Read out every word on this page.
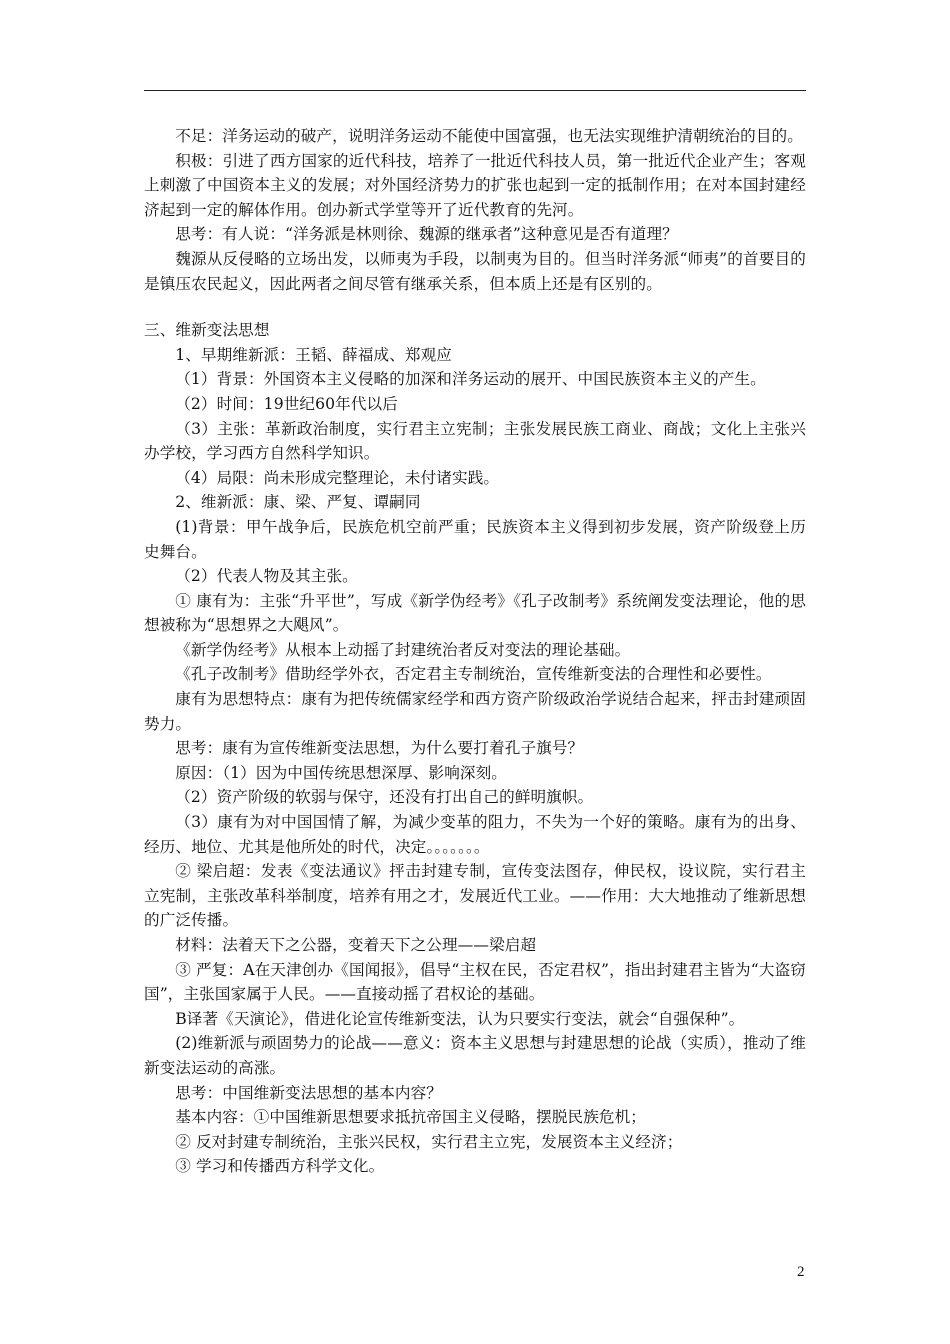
不足：洋务运动的破产，说明洋务运动不能使中国富强，也无法实现维护清朝统治的目的。

积极：引进了西方国家的近代科技，培养了一批近代科技人员，第一批近代企业产生；客观上刺激了中国资本主义的发展；对外国经济势力的扩张也起到一定的抵制作用；在对本国封建经济起到一定的解体作用。创办新式学堂等开了近代教育的先河。

思考：有人说：“洋务派是林则徐、魏源的继承者”这种意见是否有道理？

魏源从反侵略的立场出发，以师夷为手段，以制夷为目的。但当时洋务派“师夷”的首要目的是镇压农民起义，因此两者之间尽管有继承关系，但本质上还是有区别的。

三、维新变法思想

1、早期维新派：王韬、薛福成、郑观应

（1）背景：外国资本主义侵略的加深和洋务运动的展开、中国民族资本主义的产生。

（2）时间：19世纪60年代以后

（3）主张：革新政治制度，实行君主立宪制；主张发展民族工商业、商战；文化上主张兴办学校，学习西方自然科学知识。

（4）局限：尚未形成完整理论，未付诸实践。

2、维新派：康、梁、严复、谭嗣同

(1)背景：甲午战争后，民族危机空前严重；民族资本主义得到初步发展，资产阶级登上历史舞台。

（2）代表人物及其主张。

① 康有为：主张“升平世”，写成《新学伪经考》《孔子改制考》系统阐发变法理论，他的思想被称为“思想界之大飓风”。

《新学伪经考》从根本上动摇了封建统治者反对变法的理论基础。

《孔子改制考》借助经学外衣，否定君主专制统治，宣传维新变法的合理性和必要性。

康有为思想特点：康有为把传统儒家经学和西方资产阶级政治学说结合起来，抨击封建顽固势力。

思考：康有为宣传维新变法思想，为什么要打着孔子旗号？

原因：（1）因为中国传统思想深厚、影响深刻。

（2）资产阶级的软弱与保守，还没有打出自己的鲜明旗帜。

（3）康有为对中国国情了解，为减少变革的阻力，不失为一个好的策略。康有为的出身、经历、地位、尤其是他所处的时代，决定。。。。。。。

② 梁启超：发表《变法通议》抨击封建专制，宣传变法图存，伸民权，设议院，实行君主立宪制，主张改革科举制度，培养有用之才，发展近代工业。——作用：大大地推动了维新思想的广泛传播。

材料：法着天下之公器，变着天下之公理——梁启超

③ 严复：A在天津创办《国闻报》，倡导“主权在民，否定君权”，指出封建君主皆为“大盗窃国”，主张国家属于人民。——直接动摇了君权论的基础。

B译著《天演论》，借进化论宣传维新变法，认为只要实行变法，就会“自强保种”。

(2)维新派与顽固势力的论战——意义：资本主义思想与封建思想的论战（实质），推动了维新变法运动的高涨。

思考：中国维新变法思想的基本内容？

基本内容：①中国维新思想要求抵抗帝国主义侵略，摆脱民族危机；

② 反对封建专制统治，主张兴民权，实行君主立宪，发展资本主义经济；

③ 学习和传播西方科学文化。

2
